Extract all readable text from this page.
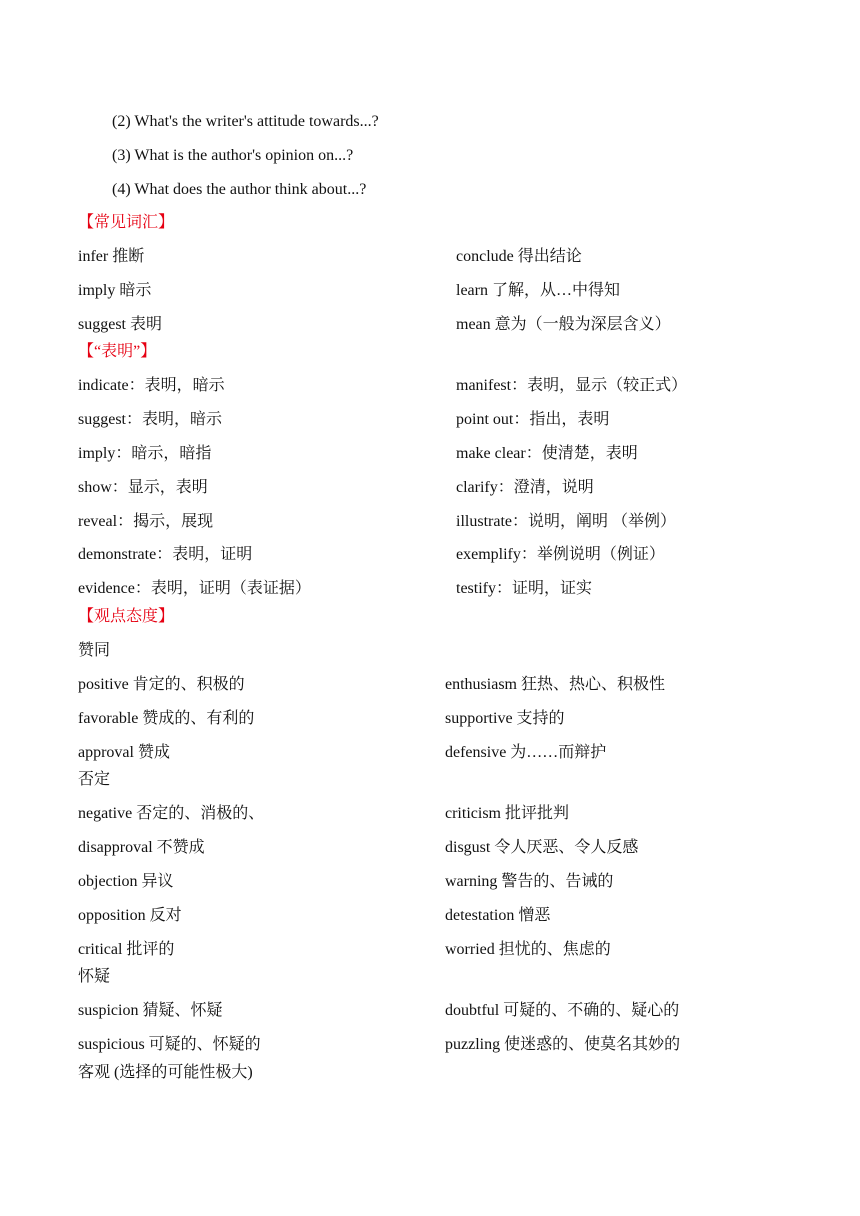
(2) What's the writer's attitude towards...?
(3) What is the author's opinion on...?
(4) What does the author think about...?
【常见词汇】
infer 推断	conclude 得出结论
imply 暗示	learn 了解，从…中得知
suggest 表明	mean 意为（一般为深层含义）
【“表明”】
indicate：表明，暗示	manifest：表明，显示（较正式）
suggest：表明，暗示	point out：指出，表明
imply：暗示，暗指	make clear：使清楚，表明
show：显示，表明	clarify：澄清，说明
reveal：揭示，展现	illustrate：说明，阐明 （举例）
demonstrate：表明，证明	exemplify：举例说明（例证）
evidence：表明，证明（表证据）	testify：证明，证实
【观点态度】
赞同
positive 肯定的、积极的	enthusiasm 狂热、热心、积极性
favorable 赞成的、有利的	supportive 支持的
approval 赞成	defensive 为……而辩护
否定
negative 否定的、消极的、	criticism 批评批判
disapproval 不赞成	disgust 令人厌恶、令人反感
objection 异议	warning 警告的、告诫的
opposition 反对	detestation 憎恶
critical 批评的	worried 担忧的、焦虑的
怀疑
suspicion 猜疑、怀疑	doubtful 可疑的、不确的、疑心的
suspicious 可疑的、怀疑的	puzzling 使迷惑的、使莫名其妙的
客观 (选择的可能性极大)
